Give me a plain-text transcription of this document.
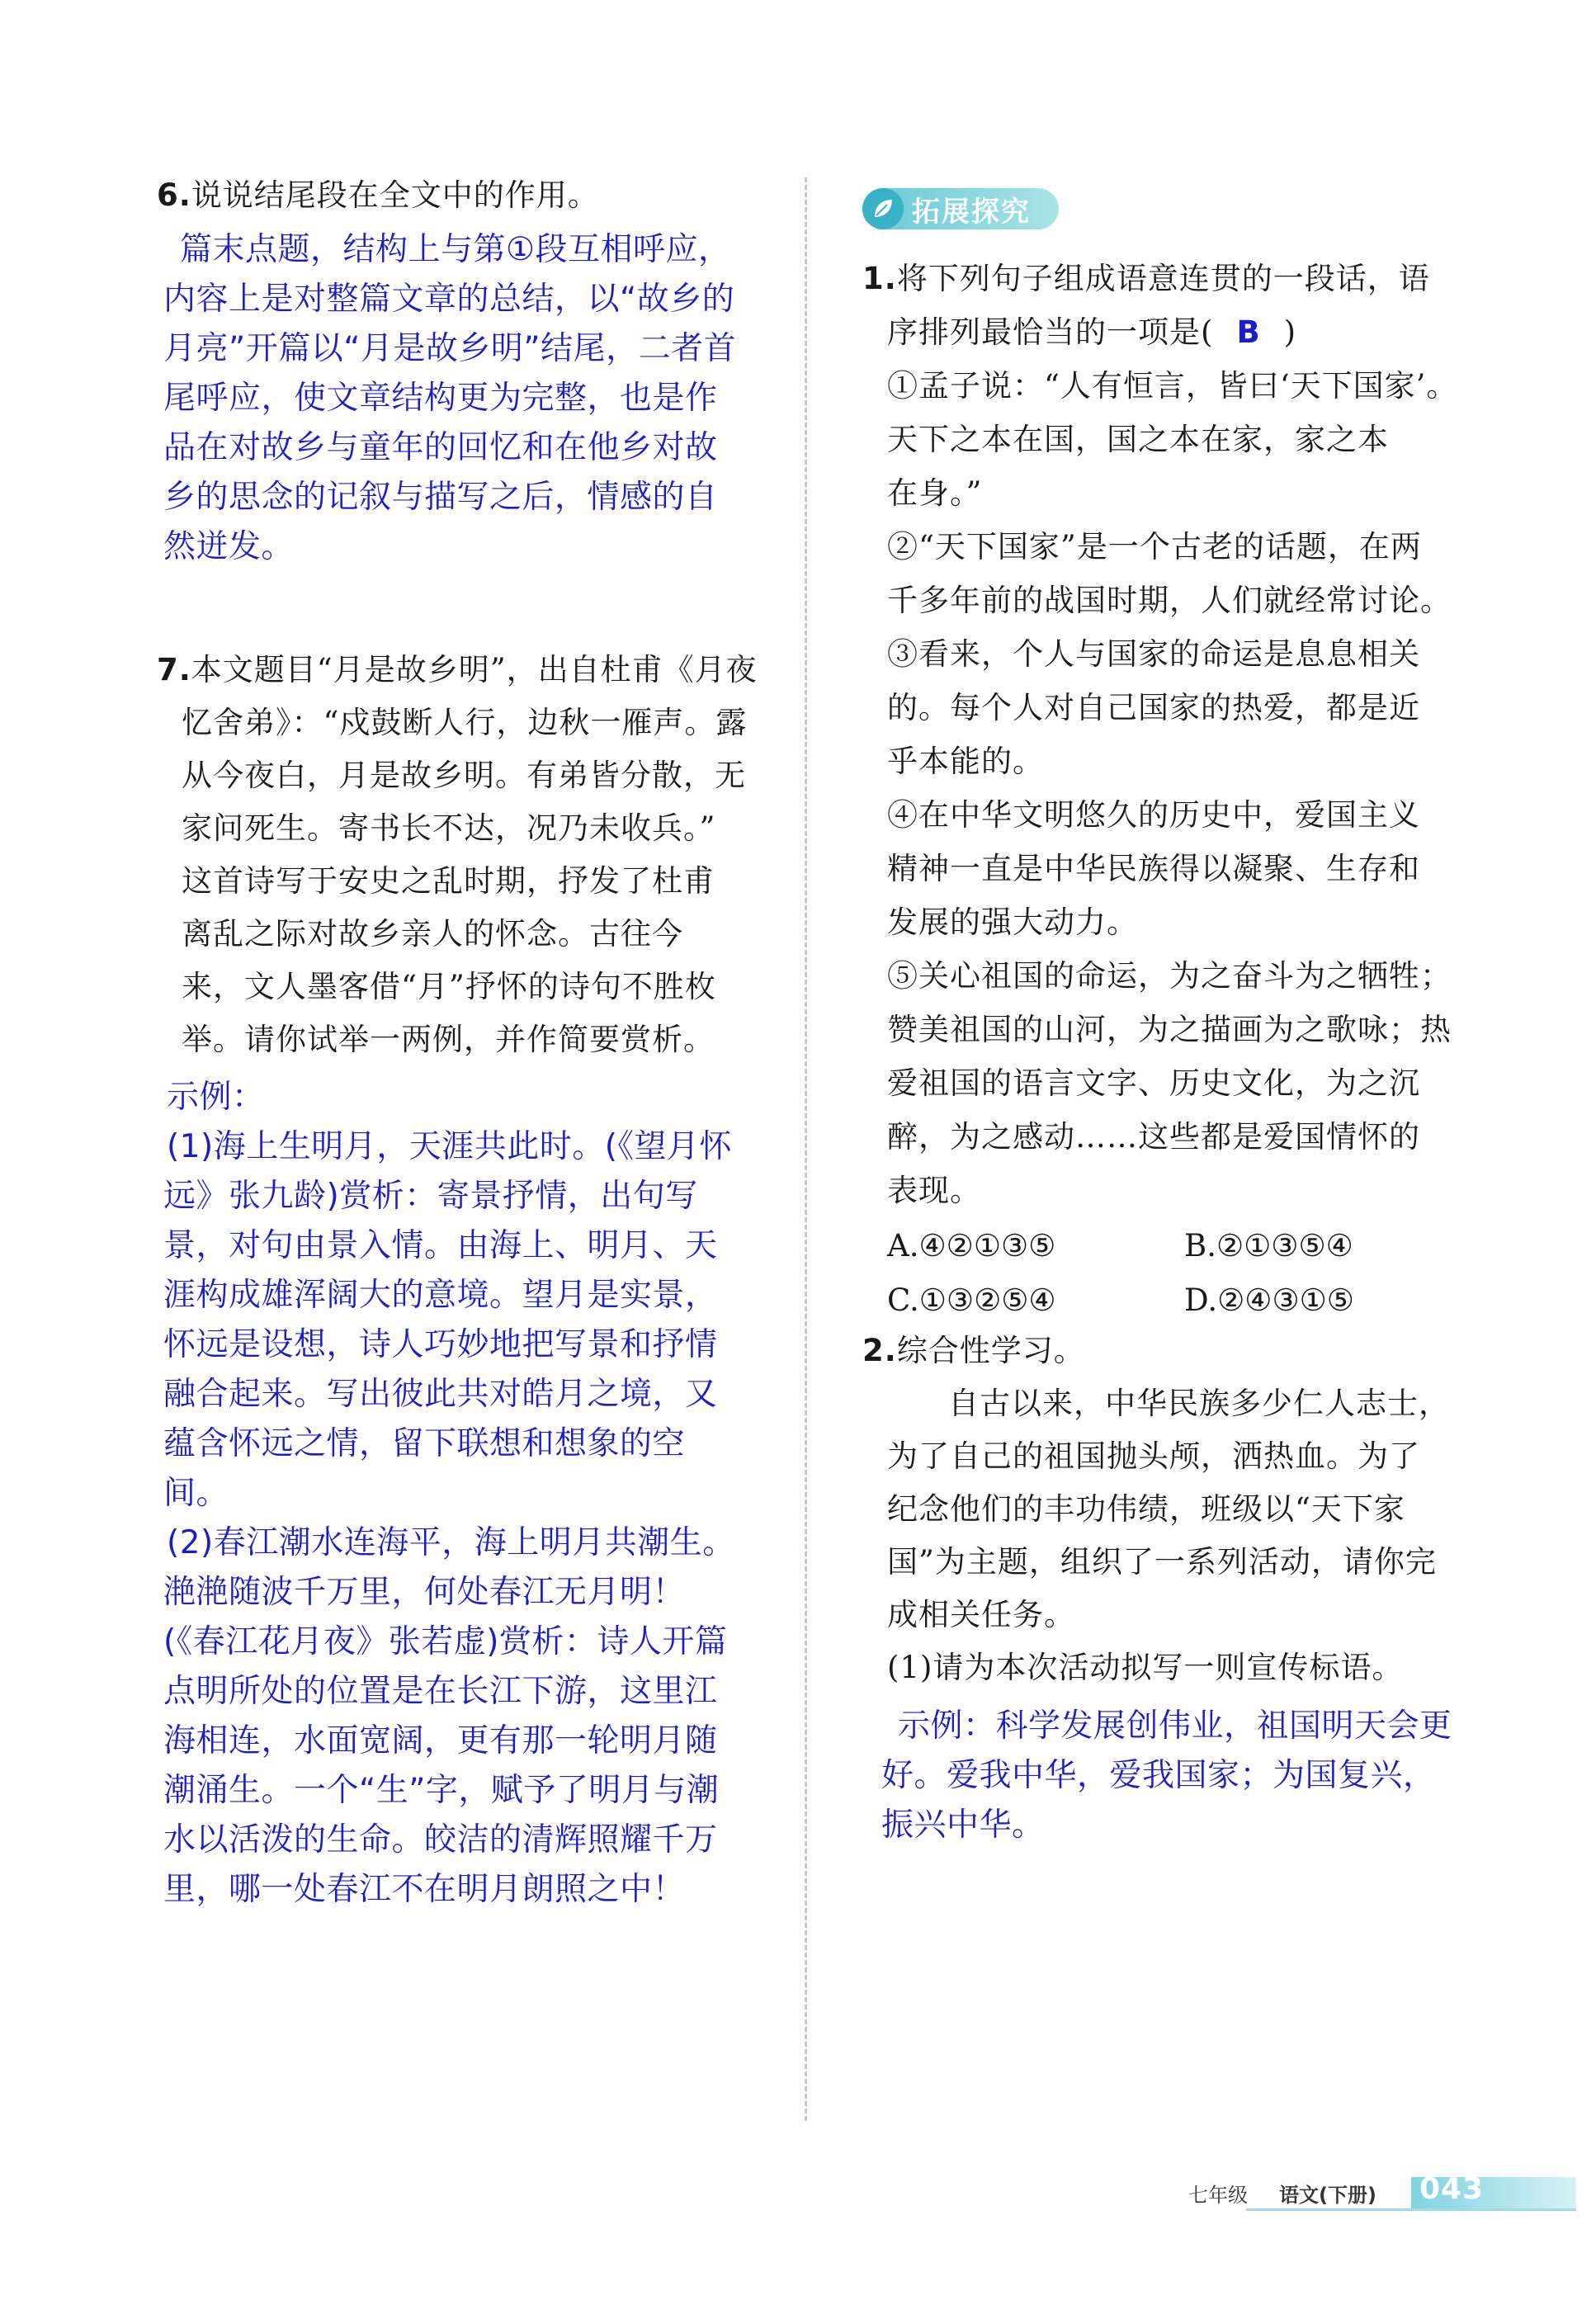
6.说说结尾段在全文中的作用。

篇末点题，结构上与第①段互相呼应，

内容上是对整篇文章的总结，以“故乡的

月亮”开篇以“月是故乡明”结尾，二者首

尾呼应，使文章结构更为完整，也是作

品在对故乡与童年的回忆和在他乡对故

乡的思念的记叙与描写之后，情感的自

然迸发。

7.本文题目“月是故乡明”，出自杜甫《月夜

忆舍弟》：“戍鼓断人行，边秋一雁声。露

从今夜白，月是故乡明。有弟皆分散，无

家问死生。寄书长不达，况乃未收兵。”

这首诗写于安史之乱时期，抒发了杜甫

离乱之际对故乡亲人的怀念。古往今

来，文人墨客借“月”抒怀的诗句不胜枚

举。请你试举一两例，并作简要赏析。

示例：

(1)海上生明月，天涯共此时。(《望月怀

远》张九龄)赏析：寄景抒情，出句写

景，对句由景入情。由海上、明月、天

涯构成雄浑阔大的意境。望月是实景，

怀远是设想，诗人巧妙地把写景和抒情

融合起来。写出彼此共对皓月之境，又

蕴含怀远之情，留下联想和想象的空

间。

(2)春江潮水连海平，海上明月共潮生。

滟滟随波千万里，何处春江无月明！

(《春江花月夜》张若虚)赏析：诗人开篇

点明所处的位置是在长江下游，这里江

海相连，水面宽阔，更有那一轮明月随

潮涌生。一个“生”字，赋予了明月与潮

水以活泼的生命。皎洁的清辉照耀千万

里，哪一处春江不在明月朗照之中！

拓展探究

1.将下列句子组成语意连贯的一段话，语

序排列最恰当的一项是( B )

①孟子说：“人有恒言，皆曰‘天下国家’。

天下之本在国，国之本在家，家之本

在身。”

②“天下国家”是一个古老的话题，在两

千多年前的战国时期，人们就经常讨论。

③看来，个人与国家的命运是息息相关

的。每个人对自己国家的热爱，都是近

乎本能的。

④在中华文明悠久的历史中，爱国主义

精神一直是中华民族得以凝聚、生存和

发展的强大动力。

⑤关心祖国的命运，为之奋斗为之牺牲；

赞美祖国的山河，为之描画为之歌咏；热

爱祖国的语言文字、历史文化，为之沉

醉，为之感动……这些都是爱国情怀的

表现。

A.④②①③⑤	B.②①③⑤④
C.①③②⑤④	D.②④③①⑤

2.综合性学习。

自古以来，中华民族多少仁人志士，

为了自己的祖国抛头颅，洒热血。为了

纪念他们的丰功伟绩，班级以“天下家

国”为主题，组织了一系列活动，请你完

成相关任务。

(1)请为本次活动拟写一则宣传标语。

示例：科学发展创伟业，祖国明天会更

好。爱我中华，爱我国家；为国复兴，

振兴中华。

七年级 语文(下册) 043
